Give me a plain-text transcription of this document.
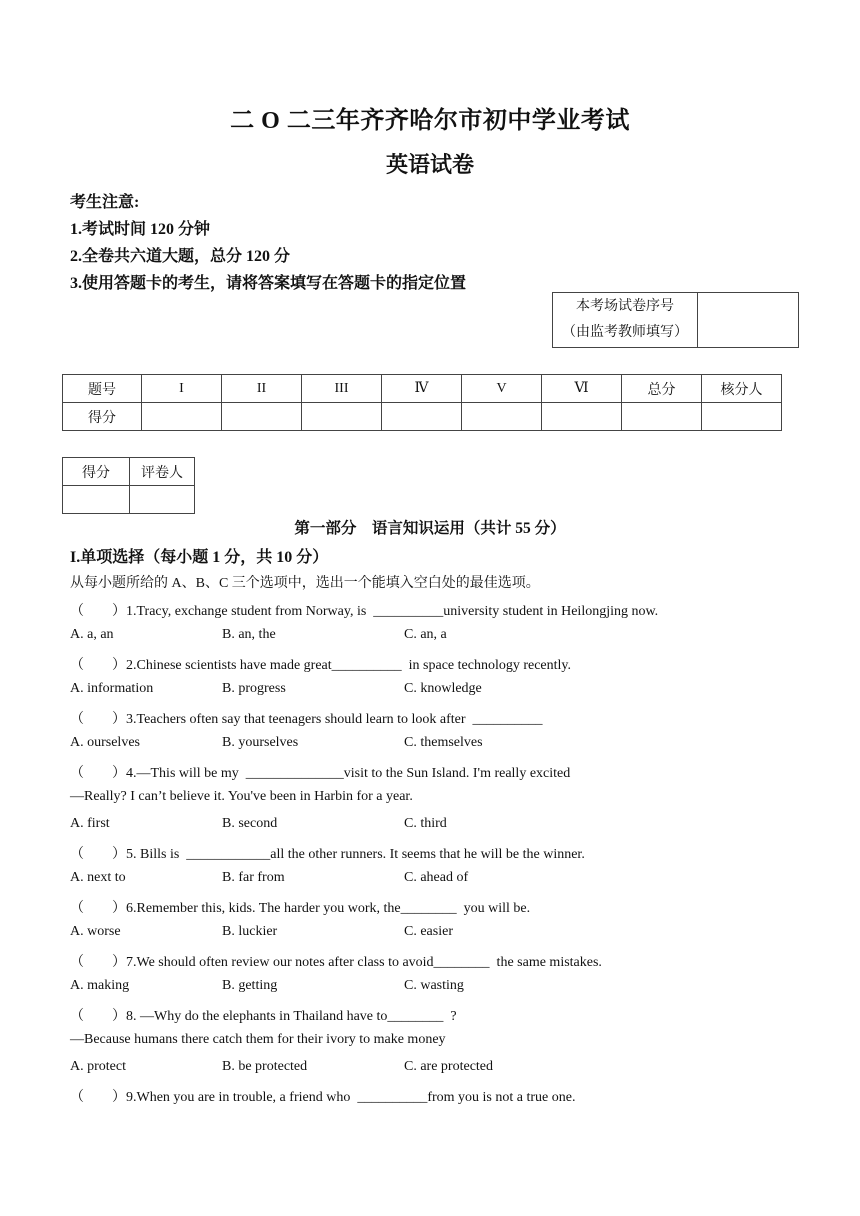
二 O 二三年齐齐哈尔市初中学业考试
英语试卷
考生注意:
1.考试时间 120 分钟
2.全卷共六道大题，总分 120 分
3.使用答题卡的考生，请将答案填写在答题卡的指定位置
本考场试卷序号
（由监考教师填写）

题号	I	II	III	Ⅳ	V	Ⅵ	总分	核分人
得分								
得分	评卷人

第一部分　语言知识运用（共计 55 分）
I.单项选择（每小题 1 分，共 10 分）
从每小题所给的 A、B、C 三个选项中，选出一个能填入空白处的最佳选项。
（　　）1.Tracy, exchange student from Norway, is  __________university student in Heilongjing now.
A. a, an	B. an, the	C. an, a
（　　）2.Chinese scientists have made great__________  in space technology recently.
A. information	B. progress	C. knowledge
（　　）3.Teachers often say that teenagers should learn to look after  __________
A. ourselves	B. yourselves	C. themselves
（　　）4.—This will be my  ______________visit to the Sun Island. I'm really excited
—Really? I can’t believe it. You've been in Harbin for a year.
A. first	B. second	C. third
（　　）5. Bills is  ____________all the other runners. It seems that he will be the winner.
A. next to	B. far from	C. ahead of
（　　）6.Remember this, kids. The harder you work, the________  you will be.
A. worse	B. luckier	C. easier
（　　）7.We should often review our notes after class to avoid________  the same mistakes.
A. making	B. getting	C. wasting
（　　）8. —Why do the elephants in Thailand have to________  ?
—Because humans there catch them for their ivory to make money
A. protect	B. be protected	C. are protected
（　　）9.When you are in trouble, a friend who  __________from you is not a true one.
